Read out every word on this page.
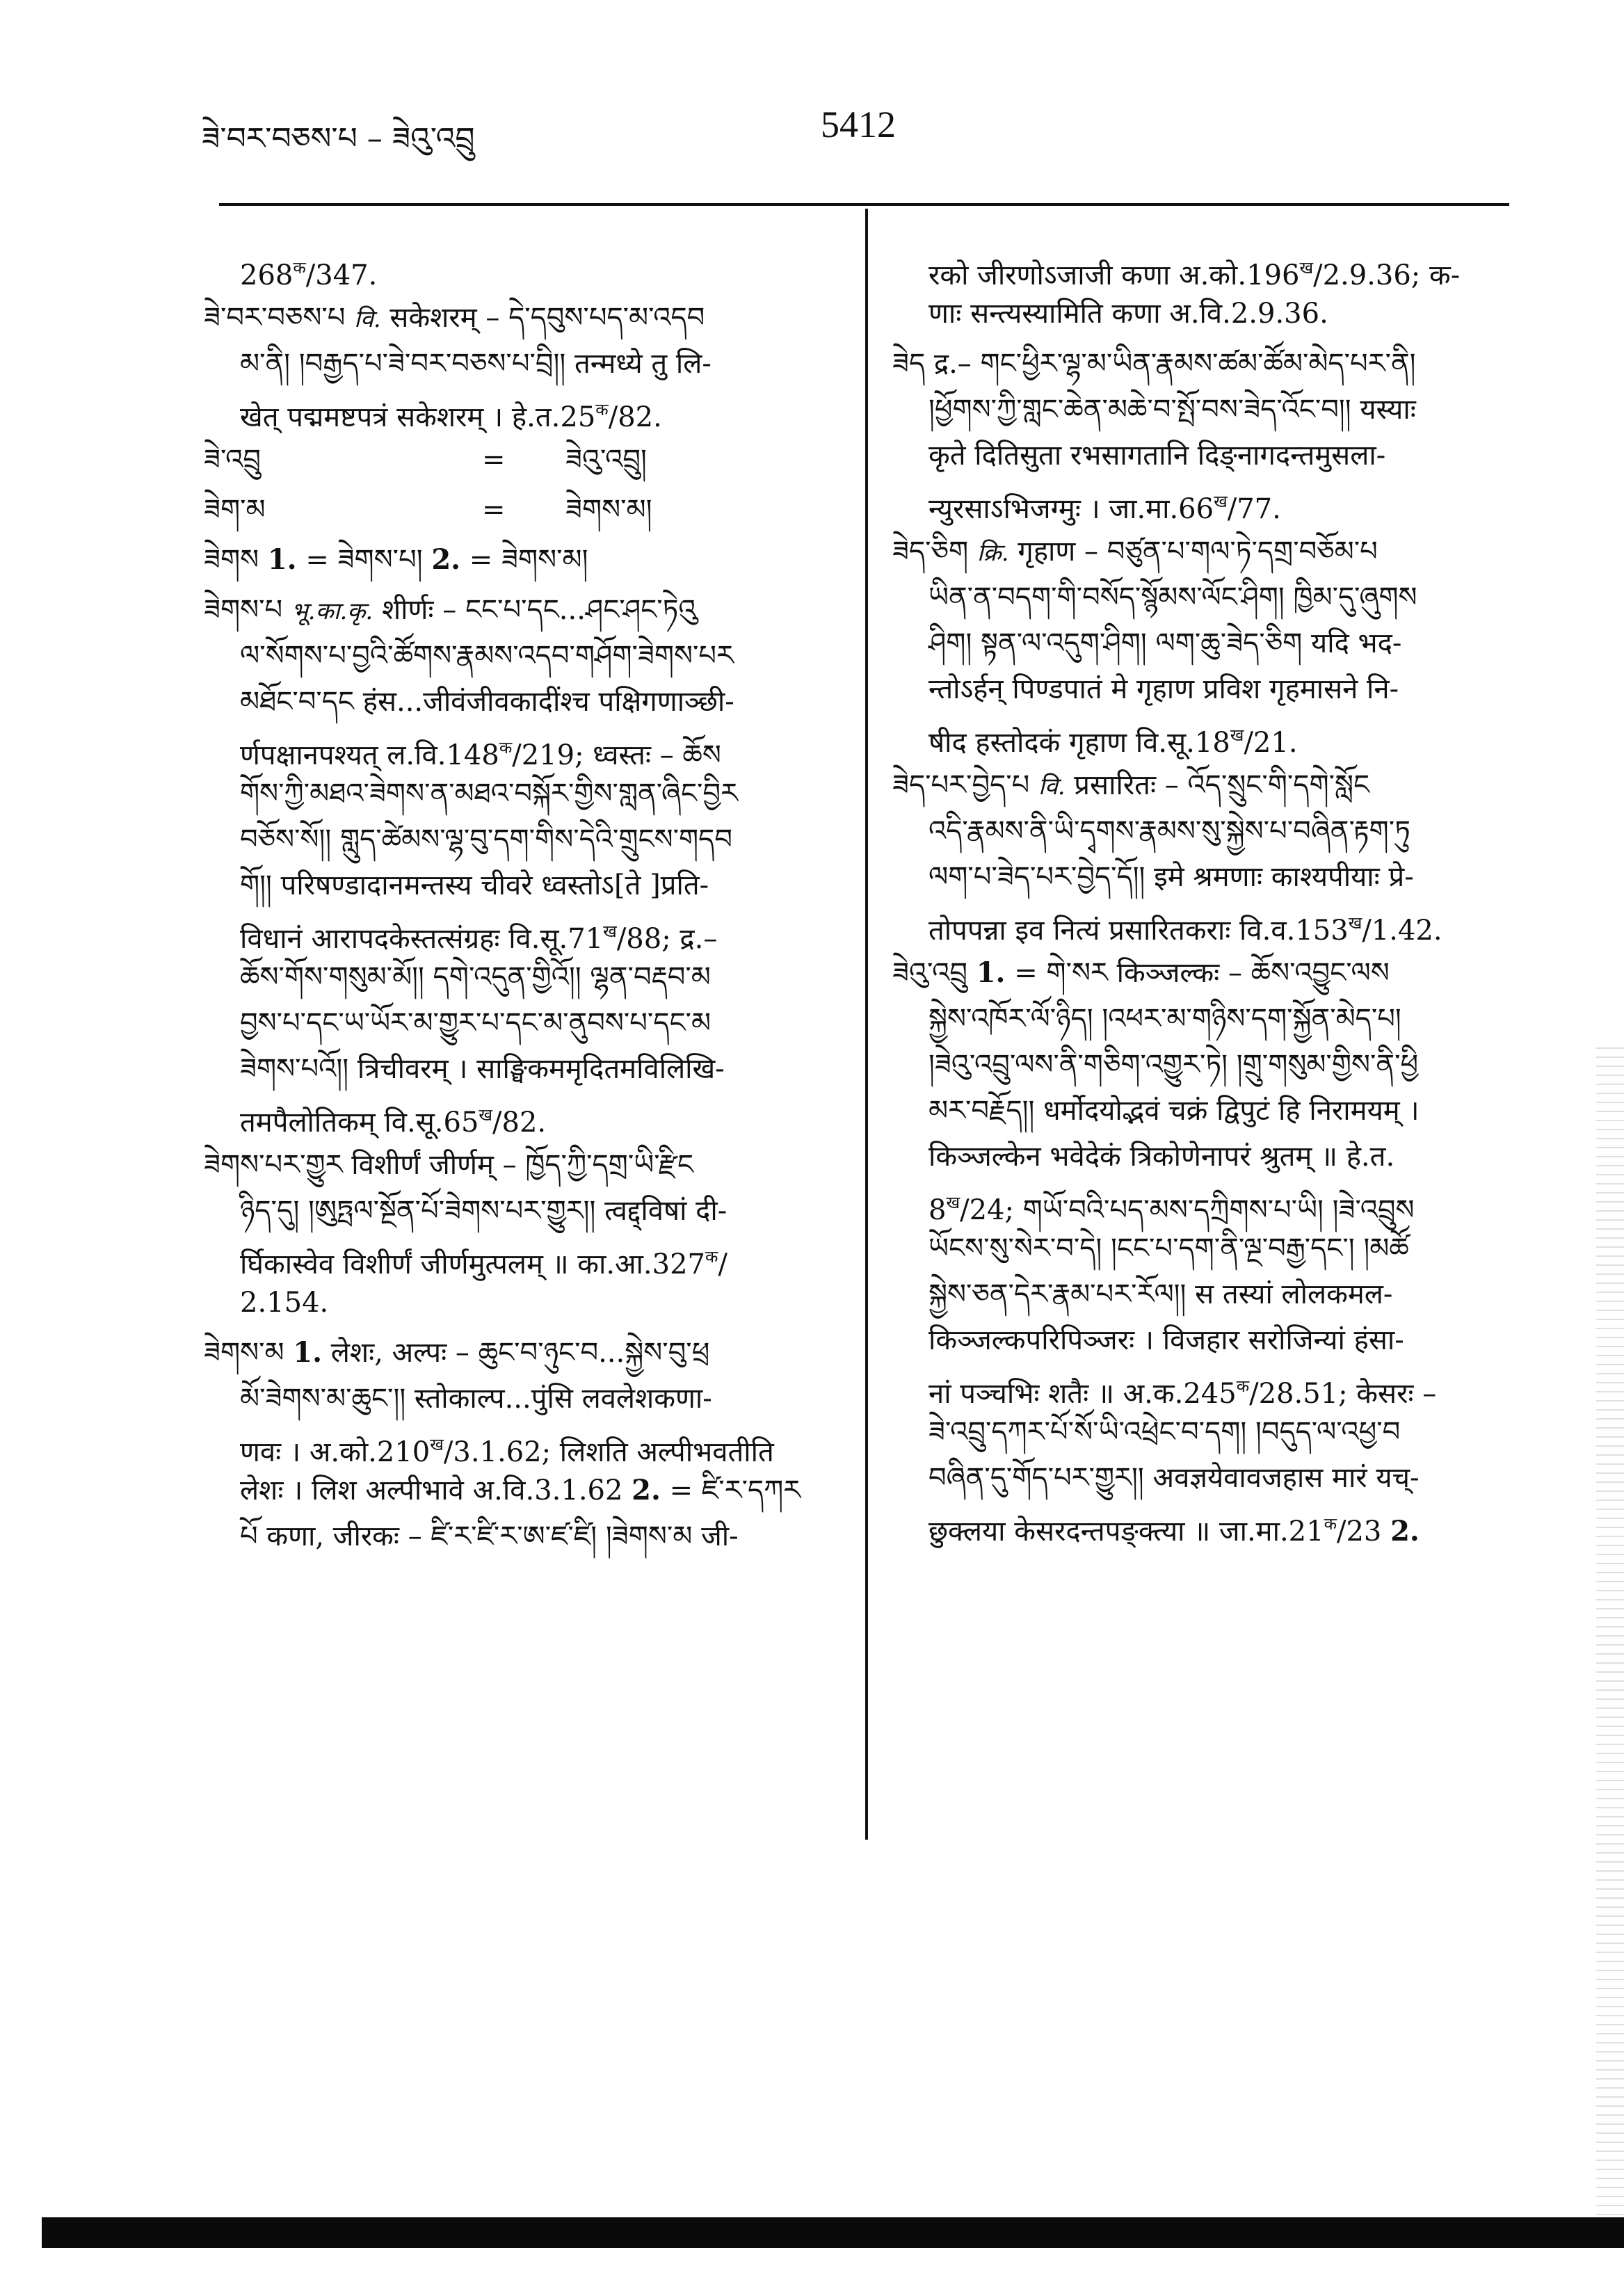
ཟེ་བར་བཅས་པ – ཟེའུ་འབྲུ	5412
$268^क/347$.
ཟེ་བར་བཅས་པ वि. सकेशरम् – དེ་དབུས་པད་མ་འདབ
མ་ནི། །བརྒྱད་པ་ཟེ་བར་བཅས་པ་བྲི།། तन्मध्ये तु लि-
खेत् पद्ममष्टपत्रं सकेशरम् । $हे.त.25^क/82$.
ཟེ་འབྲུ	= ཟེའུ་འབྲུ།
ཟེག་མ	= ཟེགས་མ།
ཟེགས 1. = ཟེགས་པ། 2. = ཟེགས་མ།
ཟེགས་པ भू.का.कृ. शीर्णः – ངང་པ་དང...ཤང་ཤང་ཏེའུ
ལ་སོགས་པ་བྱའི་ཚོགས་རྣམས་འདབ་གཤོག་ཟེགས་པར
མཐོང་བ་དང हंस...जीवंजीवकादींश्च पक्षिगणाञ्छी-
र्णपक्षानपश्यत् $ल.वि.148^क/219$; ध्वस्तः – ཆོས
གོས་ཀྱི་མཐའ་ཟེགས་ན་མཐའ་བསྐོར་གྱིས་གླན་ཞིང་བྱིར
བཅོས་སོ།། གླུད་ཚེམས་ལྷ་བུ་དག་གིས་དེའི་གྲུངས་གདབ
གོ།། परिषण्डादानमन्तस्य चीवरे ध्वस्तोऽ[ते ]प्रति-
विधानं आरापदकेस्तत्संग्रहः $वि.सू.71^ख/88$; द्र.–
ཆོས་གོས་གསུམ་མོ།། དགེ་འདུན་གྱིའོ།། ལྷན་བརྡབ་མ
བྱས་པ་དང་ཡ་ཡོར་མ་གྱུར་པ་དང་མ་ནུབས་པ་དང་མ
ཟེགས་པའོ།། त्रिचीवरम् । साङ्घिकममृदितमविलिखि-
तमपैलोतिकम् $वि.सू.65^ख/82$.
ཟེགས་པར་གྱུར विशीर्णं जीर्णम् – ཁྱོད་ཀྱི་དགྲ་ཡི་རྫིང
ཉིད་དུ། །ཨུཏྤལ་སྔོན་པོ་ཟེགས་པར་གྱུར།། त्वद्द्विषां दी-
र्घिकास्वेव विशीर्णं जीर्णमुत्पलम् ॥ $का.आ.327^क/$
2.154.
ཟེགས་མ 1. लेशः, अल्पः – ཆུང་བ་ཉུང་བ...སྐྱེས་བུ་ཕྲ
མོ་ཟེགས་མ་ཆུང་།། स्तोकाल्प...पुंसि लवलेशकणा-
णवः । $अ.को.210^ख/3.1.62$; लिशति अल्पीभवतीति
लेशः । लिश अल्पीभावे अ.वि.3.1.62 2. = ཛི་ར་དཀར
པོ कणा, जीरकः – ཛི་ར་ཛི་ར་ཨ་ཛ་ཛི། །ཟེགས་མ जी-
रको जीरणोऽजाजी कणा $अ.को.196^ख/2.9.36$; क-
णाः सन्त्यस्यामिति कणा अ.वि.2.9.36.
ཟེད द्र.– གང་ཕྱིར་ལྷ་མ་ཡིན་རྣམས་ཚམ་ཚོམ་མེད་པར་ནི།
།ཕྱོགས་ཀྱི་གླང་ཆེན་མཆེ་བ་སྤོ་བས་ཟེད་འོང་བ།། यस्याः
कृते दितिसुता रभसागतानि दिङ्नागदन्तमुसला-
न्युरसाऽभिजग्मुः । $जा.मा.66^ख/77$.
ཟེད་ཅིག क्रि. गृहाण – བཙུན་པ་གལ་ཏེ་དགྲ་བཅོམ་པ
ཡིན་ན་བདག་གི་བསོད་སྙོམས་ལོང་ཤིག། ཁྱིམ་དུ་ཞུགས
ཤིག། སྟན་ལ་འདུག་ཤིག། ལག་ཆུ་ཟེད་ཅིག यदि भद-
न्तोऽर्हन् पिण्डपातं मे गृहाण प्रविश गृहमासने नि-
षीद हस्तोदकं गृहाण $वि.सू.18^ख/21$.
ཟེད་པར་བྱེད་པ वि. प्रसारितः – འོད་སྲུང་གི་དགེ་སློང
འདི་རྣམས་ནི་ཡི་དྭགས་རྣམས་སུ་སྐྱེས་པ་བཞིན་རྟག་ཏུ
ལག་པ་ཟེད་པར་བྱེད་དོ།། इमे श्रमणाः काश्यपीयाः प्रे-
तोपपन्ना इव नित्यं प्रसारितकराः $वि.व.153^ख/1.42$.
ཟེའུ་འབྲུ 1. = གེ་སར किञ्जल्कः – ཆོས་འབྱུང་ལས
སྐྱེས་འཁོར་ལོ་ཉིད། །འཕར་མ་གཉིས་དག་སྐྱོན་མེད་པ།
།ཟེའུ་འབྲུ་ལས་ནི་གཅིག་འགྱུར་ཏེ། །གྲུ་གསུམ་གྱིས་ནི་ཕྱི
མར་བརྗོད།། धर्मोदयोद्भवं चक्रं द्विपुटं हि निरामयम् ।
किञ्जल्केन भवेदेकं त्रिकोणेनापरं श्रुतम् ॥ हे.त.
$8^ख/24$; གཡོ་བའི་པད་མས་དཀྲིགས་པ་ཡི། །ཟེ་འབྲུས
ཡོངས་སུ་སེར་བ་དེ། །ངང་པ་དག་ནི་ལྔ་བརྒྱ་དང་། །མཚོ
སྐྱེས་ཅན་དེར་རྣམ་པར་རོལ།། स तस्यां लोलकमल-
किञ्जल्कपरिपिञ्जरः । विजहार सरोजिन्यां हंसा-
नां पञ्चभिः शतैः ॥ $अ.क.245^क/28.51$; केसरः –
ཟེ་འབྲུ་དཀར་པོ་སོ་ཡི་འཕྲེང་བ་དག། །བདུད་ལ་འཕྱ་བ
བཞིན་དུ་གོད་པར་གྱུར།། अवज्ञयेवावजहास मारं यच्-
छुक्लया केसरदन्तपङ्क्त्या ॥ $जा.मा.21^क/23$ 2.
